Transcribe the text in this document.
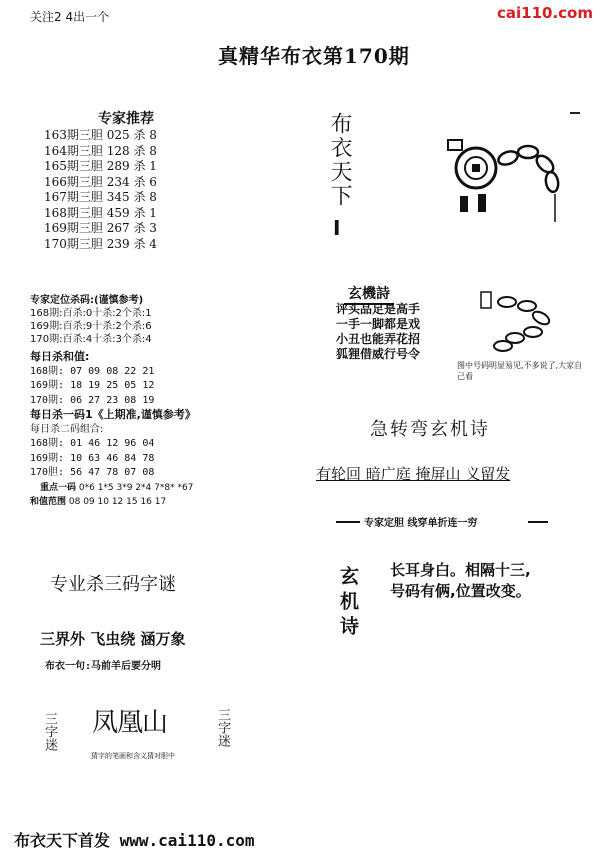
关注2 4出一个	cai110.com
真精华布衣第170期
专家推荐
163期三胆 025 杀 8
164期三胆 128 杀 8
165期三胆 289 杀 1
166期三胆 234 杀 6
167期三胆 345 杀 8
168期三胆 459 杀 1
169期三胆 267 杀 3
170期三胆 239 杀 4
专家定位杀码:(谨慎参考)
168期:百杀:0十杀:2个杀:1
169期:百杀:9十杀:2个杀:6
170期:百杀:4十杀:3个杀:4
每日杀和值:
168期: 07 09 08 22 21
169期: 18 19 25 05 12
170期: 06 27 23 08 19
每日杀一码1《上期准,谨慎参考》
每日杀二码组合:
168期: 01 46 12 96 04
169期: 10 63 46 84 78
170胆: 56 47 78 07 08
重点一码 0*6 1*5 3*9 2*4 7*8* *67
和值范围 08 09 10 12 15 16 17
专业杀三码字谜
三界外 飞虫绕 涵万象
布衣一句:马前羊后要分明
三字迷 凤凰山	三字迷
猜字的笔画和含义猜对胆中
布衣天下
I
玄機詩
评头品足是高手
一手一脚都是戏
小丑也能弄花招
狐狸借威行号令
图中号码明显易见,不多说了,大家自己看
急转弯玄机诗
有轮回 暗广庭 掩屏山 义留发
专家定胆 线穿单折连一穷
玄机诗 长耳身白。相隔十三,
号码有俩,位置改变。
布衣天下首发 www.cai110.com
